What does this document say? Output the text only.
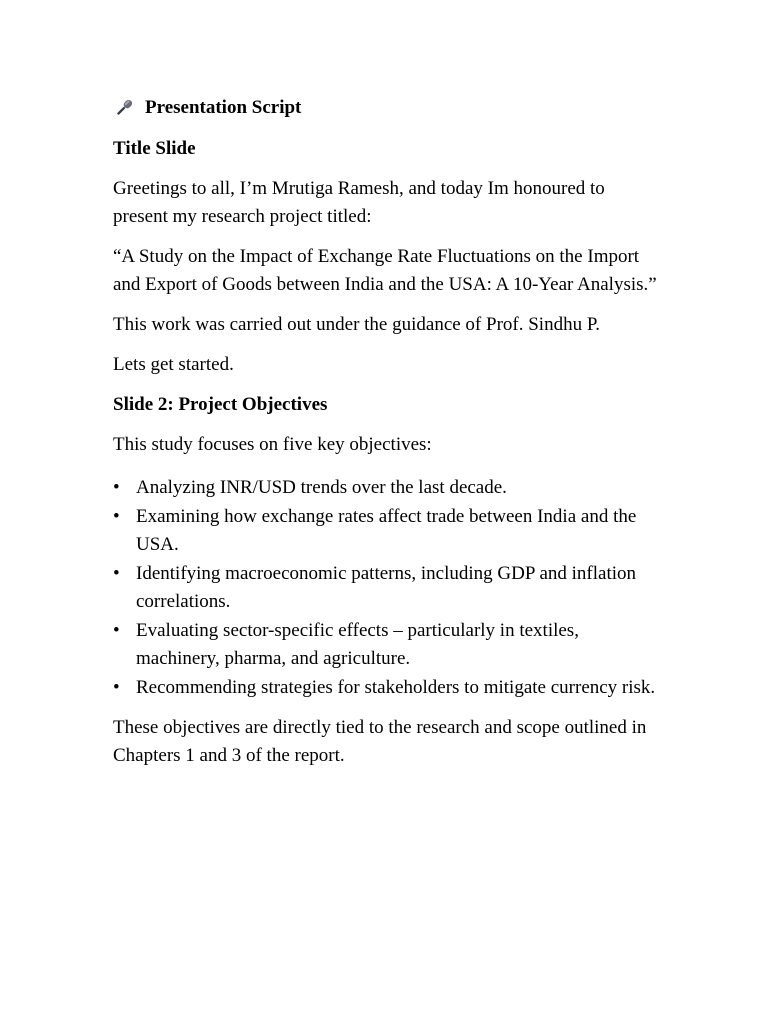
Presentation Script
Title Slide

Greetings to all, I’m Mrutiga Ramesh, and today Im honoured to present my research project titled:

“A Study on the Impact of Exchange Rate Fluctuations on the Import and Export of Goods between India and the USA: A 10-Year Analysis.”

This work was carried out under the guidance of Prof. Sindhu P.

Lets get started.

Slide 2: Project Objectives

This study focuses on five key objectives:

• Analyzing INR/USD trends over the last decade.
• Examining how exchange rates affect trade between India and the USA.
• Identifying macroeconomic patterns, including GDP and inflation correlations.
• Evaluating sector-specific effects – particularly in textiles, machinery, pharma, and agriculture.
• Recommending strategies for stakeholders to mitigate currency risk.

These objectives are directly tied to the research and scope outlined in Chapters 1 and 3 of the report.
